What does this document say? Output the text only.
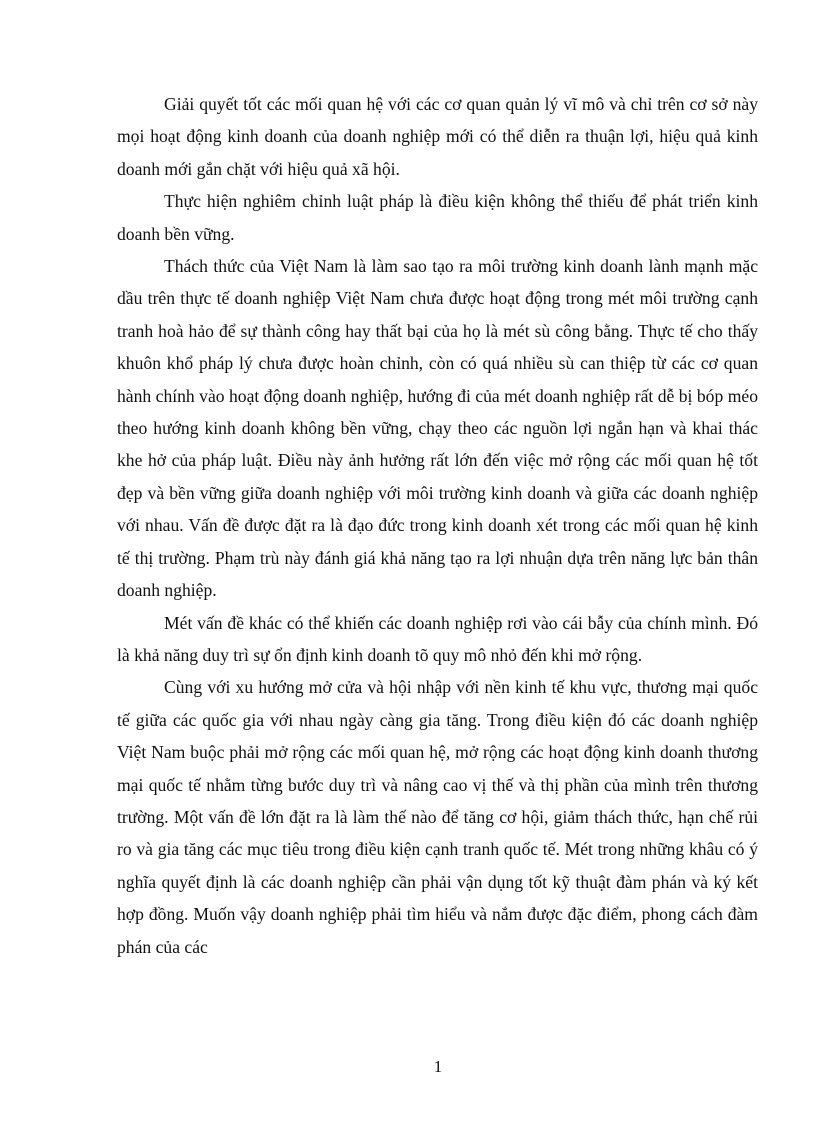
Giải quyết tốt các mối quan hệ với các cơ quan quản lý vĩ mô và chỉ trên cơ sở này mọi hoạt động kinh doanh của doanh nghiệp mới có thể diễn ra thuận lợi, hiệu quả kinh doanh mới gắn chặt với hiệu quả xã hội.

Thực hiện nghiêm chỉnh luật pháp là điều kiện không thể thiếu để phát triển kinh doanh bền vững.

Thách thức của Việt Nam là làm sao tạo ra môi trường kinh doanh lành mạnh mặc dầu trên thực tế doanh nghiệp Việt Nam chưa được hoạt động trong mét môi trường cạnh tranh hoà hảo để sự thành công hay thất bại của họ là mét sù công bằng. Thực tế cho thấy khuôn khổ pháp lý chưa được hoàn chỉnh, còn có quá nhiều sù can thiệp từ các cơ quan hành chính vào hoạt động doanh nghiệp, hướng đi của mét doanh nghiệp rất dễ bị bóp méo theo hướng kinh doanh không bền vững, chạy theo các nguồn lợi ngắn hạn và khai thác khe hở của pháp luật. Điều này ảnh hưởng rất lớn đến việc mở rộng các mối quan hệ tốt đẹp và bền vững giữa doanh nghiệp với môi trường kinh doanh và giữa các doanh nghiệp với nhau. Vấn đề được đặt ra là đạo đức trong kinh doanh xét trong các mối quan hệ kinh tế thị trường. Phạm trù này đánh giá khả năng tạo ra lợi nhuận dựa trên năng lực bản thân doanh nghiệp.

Mét vấn đề khác có thể khiến các doanh nghiệp rơi vào cái bẫy của chính mình. Đó là khả năng duy trì sự ổn định kinh doanh tõ quy mô nhỏ đến khi mở rộng.

Cùng với xu hướng mở cửa và hội nhập với nền kinh tế khu vực, thương mại quốc tế giữa các quốc gia với nhau ngày càng gia tăng. Trong điều kiện đó các doanh nghiệp Việt Nam buộc phải mở rộng các mối quan hệ, mở rộng các hoạt động kinh doanh thương mại quốc tế nhằm từng bước duy trì và nâng cao vị thế và thị phần của mình trên thương trường. Một vấn đề lớn đặt ra là làm thế nào để tăng cơ hội, giảm thách thức, hạn chế rủi ro và gia tăng các mục tiêu trong điều kiện cạnh tranh quốc tế. Mét trong những khâu có ý nghĩa quyết định là các doanh nghiệp cần phải vận dụng tốt kỹ thuật đàm phán và ký kết hợp đồng. Muốn vậy doanh nghiệp phải tìm hiểu và nắm được đặc điểm, phong cách đàm phán của các

1
